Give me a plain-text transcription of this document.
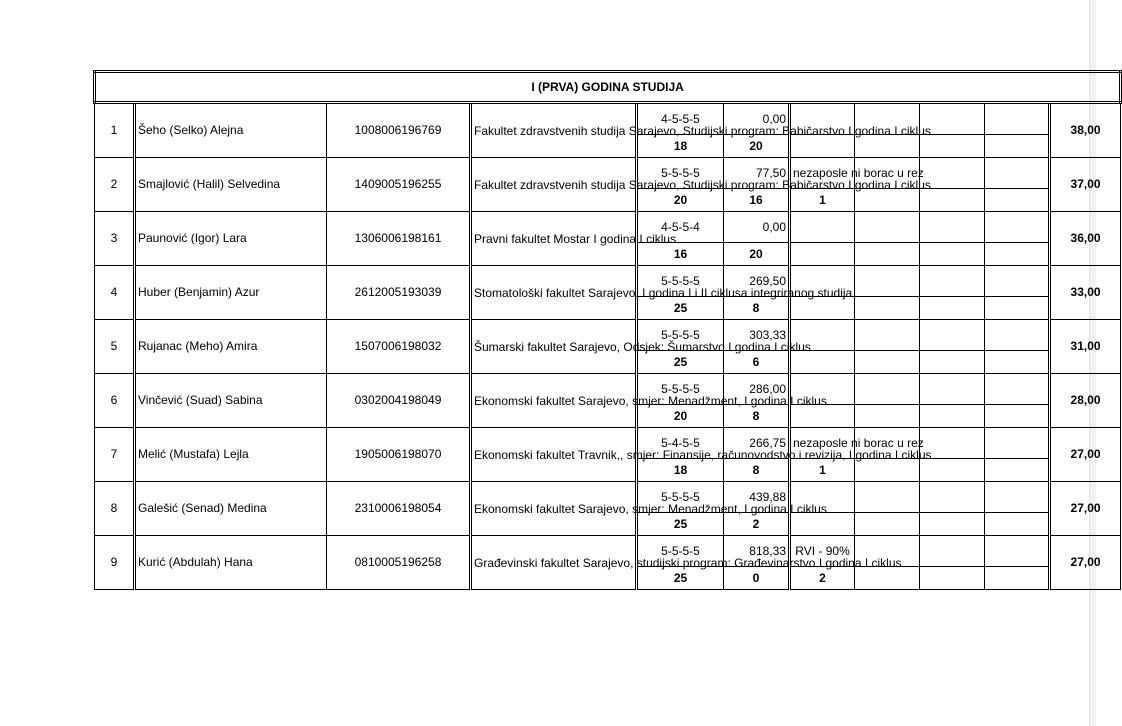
I (PRVA) GODINA STUDIJA										
1	Šeho (Selko) Alejna	1008006196769	Fakultet zdravstvenih studija Sarajevo, Studijski program: Babičarstvo I godina I ciklus	4-5-5-5	0,00					38,00
				18	20					
2	Smajlović (Halil) Selvedina	1409005196255	Fakultet zdravstvenih studija Sarajevo, Studijski program: Babičarstvo I godina I ciklus	5-5-5-5	77,50	nezaposle ni borac u rez				37,00
				20	16	1				
3	Paunović (Igor) Lara	1306006198161	Pravni fakultet Mostar I godina I ciklus	4-5-5-4	0,00					36,00
				16	20					
4	Huber (Benjamin) Azur	2612005193039	Stomatološki fakultet Sarajevo. I godina I i II ciklusa integriranog studija	5-5-5-5	269,50					33,00
				25	8					
5	Rujanac (Meho) Amira	1507006198032	Šumarski fakultet Sarajevo, Odsjek: Šumarstvo I godina I ciklus	5-5-5-5	303,33					31,00
				25	6					
6	Vinčević (Suad) Sabina	0302004198049	Ekonomski fakultet Sarajevo, smjer: Menadžment, I godina I ciklus	5-5-5-5	286,00					28,00
				20	8					
7	Melić (Mustafa) Lejla	1905006198070	Ekonomski fakultet Travnik,, smjer: Finansije, računovodstvo i revizija, I godina I ciklus	5-4-5-5	266,75	nezaposle ni borac u rez				27,00
				18	8	1				
8	Galešić (Senad) Medina	2310006198054	Ekonomski fakultet Sarajevo, smjer: Menadžment, I godina I ciklus	5-5-5-5	439,88					27,00
				25	2					
9	Kurić (Abdulah) Hana	0810005196258	Građevinski fakultet Sarajevo, studijski program: Građevinarstvo I godina I ciklus	5-5-5-5	818,33	RVI - 90%				27,00
				25	0	2				
